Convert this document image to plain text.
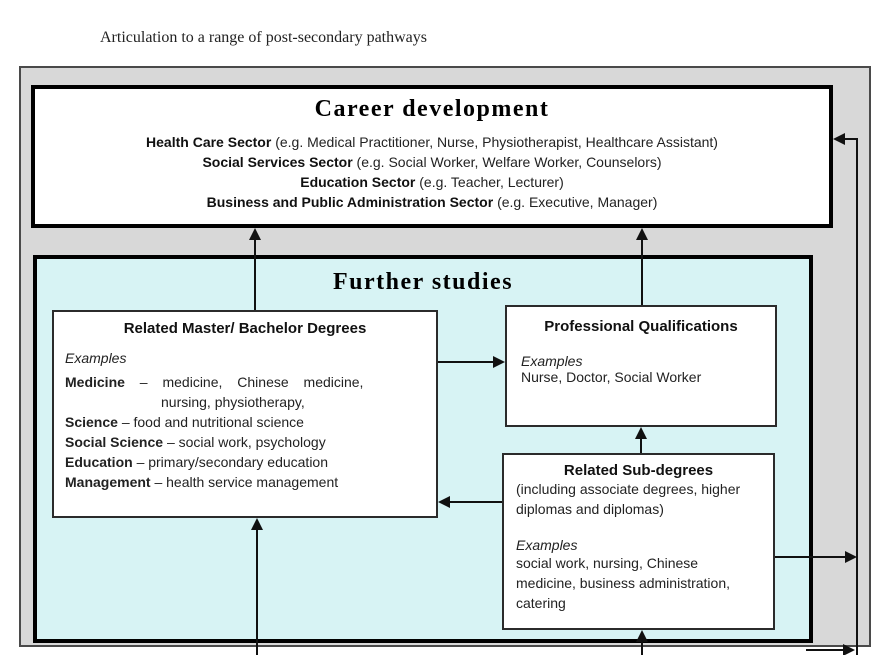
Articulation to a range of post-secondary pathways
Career development
Health Care Sector (e.g. Medical Practitioner, Nurse, Physiotherapist, Healthcare Assistant)
Social Services Sector (e.g. Social Worker, Welfare Worker, Counselors)
Education Sector (e.g. Teacher, Lecturer)
Business and Public Administration Sector (e.g. Executive, Manager)
Further studies
Related Master/ Bachelor Degrees
Examples
Medicine – medicine, Chinese medicine,
nursing, physiotherapy,
Science – food and nutritional science
Social Science – social work, psychology
Education – primary/secondary education
Management – health service management
Professional Qualifications
Examples
Nurse, Doctor, Social Worker
Related Sub-degrees
(including associate degrees, higher diplomas and diplomas)
Examples
social work, nursing, Chinese medicine, business administration, catering
